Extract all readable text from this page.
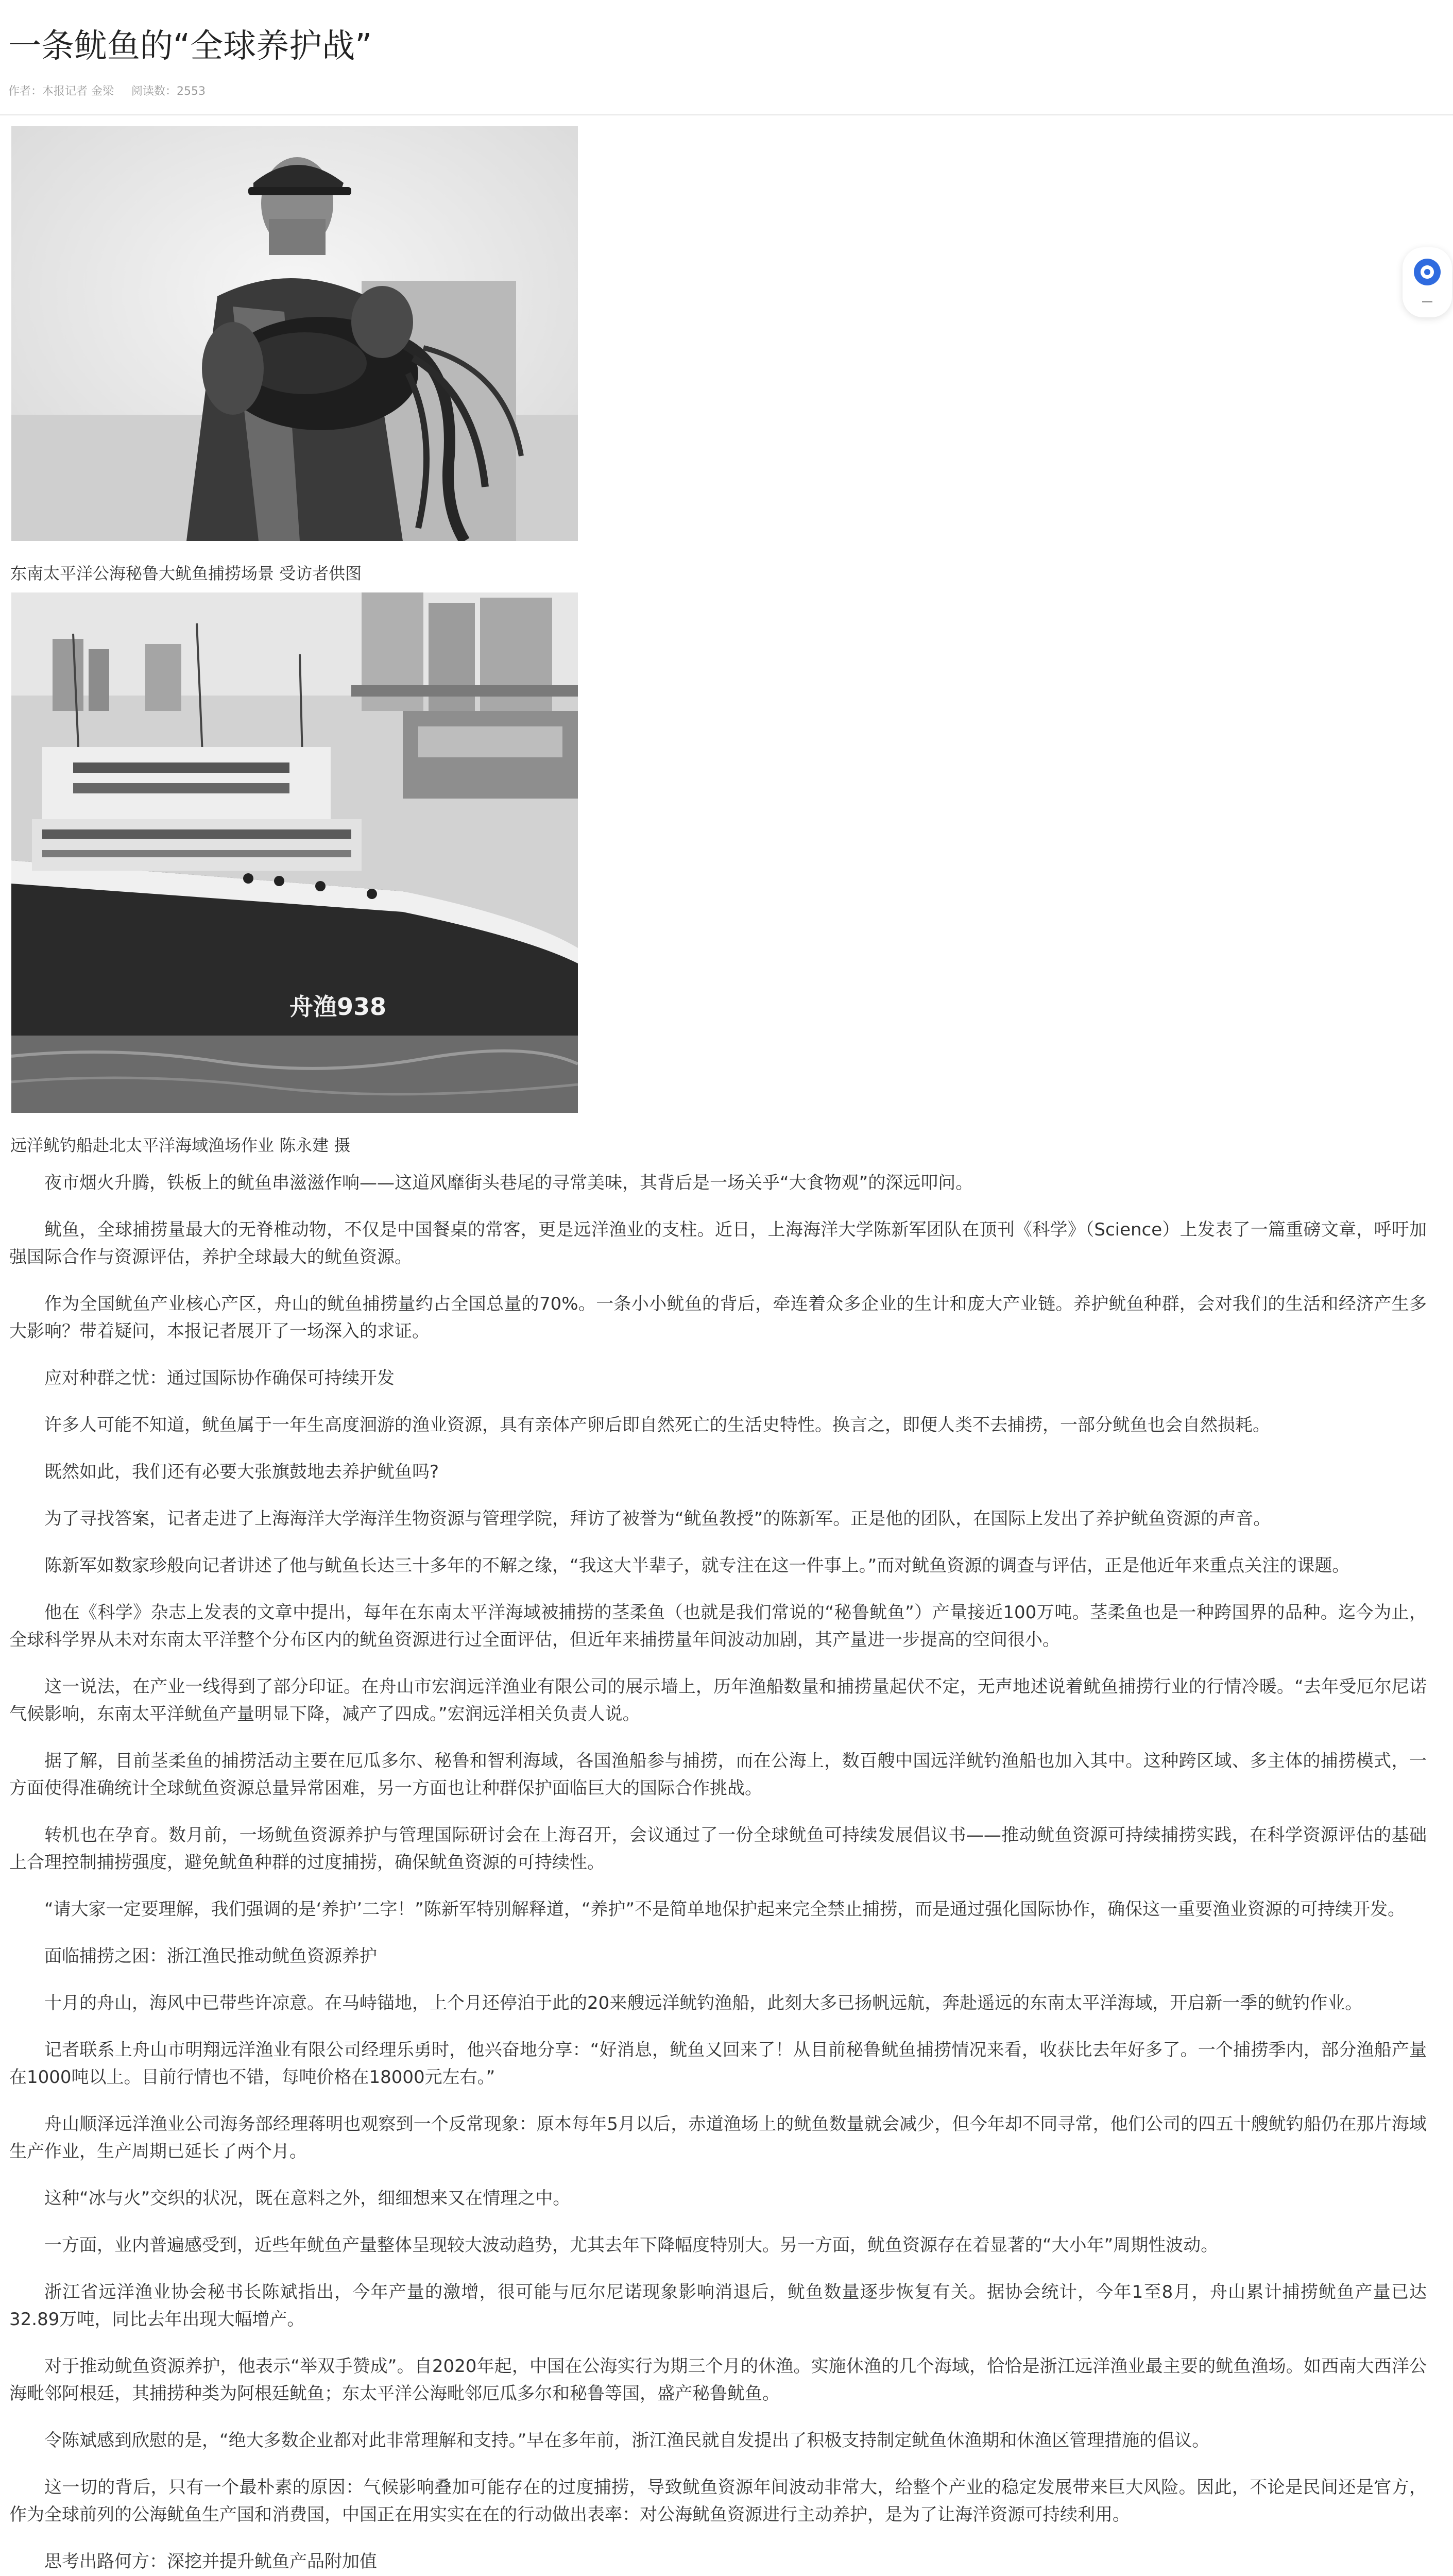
一条鱿鱼的“全球养护战”
作者：本报记者 金梁 阅读数：2553
东南太平洋公海秘鲁大鱿鱼捕捞场景 受访者供图
舟渔938
远洋鱿钓船赴北太平洋海域渔场作业 陈永建 摄

夜市烟火升腾，铁板上的鱿鱼串滋滋作响——这道风靡街头巷尾的寻常美味，其背后是一场关乎“大食物观”的深远叩问。

鱿鱼，全球捕捞量最大的无脊椎动物，不仅是中国餐桌的常客，更是远洋渔业的支柱。近日，上海海洋大学陈新军团队在顶刊《科学》（Science）上发表了一篇重磅文章，呼吁加强国际合作与资源评估，养护全球最大的鱿鱼资源。

作为全国鱿鱼产业核心产区，舟山的鱿鱼捕捞量约占全国总量的70%。一条小小鱿鱼的背后，牵连着众多企业的生计和庞大产业链。养护鱿鱼种群，会对我们的生活和经济产生多大影响？带着疑问，本报记者展开了一场深入的求证。

应对种群之忧：通过国际协作确保可持续开发

许多人可能不知道，鱿鱼属于一年生高度洄游的渔业资源，具有亲体产卵后即自然死亡的生活史特性。换言之，即便人类不去捕捞，一部分鱿鱼也会自然损耗。

既然如此，我们还有必要大张旗鼓地去养护鱿鱼吗?

为了寻找答案，记者走进了上海海洋大学海洋生物资源与管理学院，拜访了被誉为“鱿鱼教授”的陈新军。正是他的团队，在国际上发出了养护鱿鱼资源的声音。

陈新军如数家珍般向记者讲述了他与鱿鱼长达三十多年的不解之缘，“我这大半辈子，就专注在这一件事上。”而对鱿鱼资源的调查与评估，正是他近年来重点关注的课题。

他在《科学》杂志上发表的文章中提出，每年在东南太平洋海域被捕捞的茎柔鱼（也就是我们常说的“秘鲁鱿鱼”）产量接近100万吨。茎柔鱼也是一种跨国界的品种。迄今为止，全球科学界从未对东南太平洋整个分布区内的鱿鱼资源进行过全面评估，但近年来捕捞量年间波动加剧，其产量进一步提高的空间很小。

这一说法，在产业一线得到了部分印证。在舟山市宏润远洋渔业有限公司的展示墙上，历年渔船数量和捕捞量起伏不定，无声地述说着鱿鱼捕捞行业的行情冷暖。“去年受厄尔尼诺气候影响，东南太平洋鱿鱼产量明显下降，减产了四成。”宏润远洋相关负责人说。

据了解，目前茎柔鱼的捕捞活动主要在厄瓜多尔、秘鲁和智利海域，各国渔船参与捕捞，而在公海上，数百艘中国远洋鱿钓渔船也加入其中。这种跨区域、多主体的捕捞模式，一方面使得准确统计全球鱿鱼资源总量异常困难，另一方面也让种群保护面临巨大的国际合作挑战。

转机也在孕育。数月前，一场鱿鱼资源养护与管理国际研讨会在上海召开，会议通过了一份全球鱿鱼可持续发展倡议书——推动鱿鱼资源可持续捕捞实践，在科学资源评估的基础上合理控制捕捞强度，避免鱿鱼种群的过度捕捞，确保鱿鱼资源的可持续性。

“请大家一定要理解，我们强调的是‘养护’二字！”陈新军特别解释道，“养护”不是简单地保护起来完全禁止捕捞，而是通过强化国际协作，确保这一重要渔业资源的可持续开发。

面临捕捞之困：浙江渔民推动鱿鱼资源养护

十月的舟山，海风中已带些许凉意。在马峙锚地，上个月还停泊于此的20来艘远洋鱿钓渔船，此刻大多已扬帆远航，奔赴遥远的东南太平洋海域，开启新一季的鱿钓作业。

记者联系上舟山市明翔远洋渔业有限公司经理乐勇时，他兴奋地分享：“好消息，鱿鱼又回来了！从目前秘鲁鱿鱼捕捞情况来看，收获比去年好多了。一个捕捞季内，部分渔船产量在1000吨以上。目前行情也不错，每吨价格在18000元左右。”

舟山顺泽远洋渔业公司海务部经理蒋明也观察到一个反常现象：原本每年5月以后，赤道渔场上的鱿鱼数量就会减少，但今年却不同寻常，他们公司的四五十艘鱿钓船仍在那片海域生产作业，生产周期已延长了两个月。

这种“冰与火”交织的状况，既在意料之外，细细想来又在情理之中。

一方面，业内普遍感受到，近些年鱿鱼产量整体呈现较大波动趋势，尤其去年下降幅度特别大。另一方面，鱿鱼资源存在着显著的“大小年”周期性波动。

浙江省远洋渔业协会秘书长陈斌指出，今年产量的激增，很可能与厄尔尼诺现象影响消退后，鱿鱼数量逐步恢复有关。据协会统计，今年1至8月，舟山累计捕捞鱿鱼产量已达32.89万吨，同比去年出现大幅增产。

对于推动鱿鱼资源养护，他表示“举双手赞成”。自2020年起，中国在公海实行为期三个月的休渔。实施休渔的几个海域，恰恰是浙江远洋渔业最主要的鱿鱼渔场。如西南大西洋公海毗邻阿根廷，其捕捞种类为阿根廷鱿鱼；东太平洋公海毗邻厄瓜多尔和秘鲁等国，盛产秘鲁鱿鱼。

令陈斌感到欣慰的是，“绝大多数企业都对此非常理解和支持。”早在多年前，浙江渔民就自发提出了积极支持制定鱿鱼休渔期和休渔区管理措施的倡议。

这一切的背后，只有一个最朴素的原因：气候影响叠加可能存在的过度捕捞，导致鱿鱼资源年间波动非常大，给整个产业的稳定发展带来巨大风险。因此，不论是民间还是官方，作为全球前列的公海鱿鱼生产国和消费国，中国正在用实实在在的行动做出表率：对公海鱿鱼资源进行主动养护，是为了让海洋资源可持续利用。

思考出路何方：深挖并提升鱿鱼产品附加值
